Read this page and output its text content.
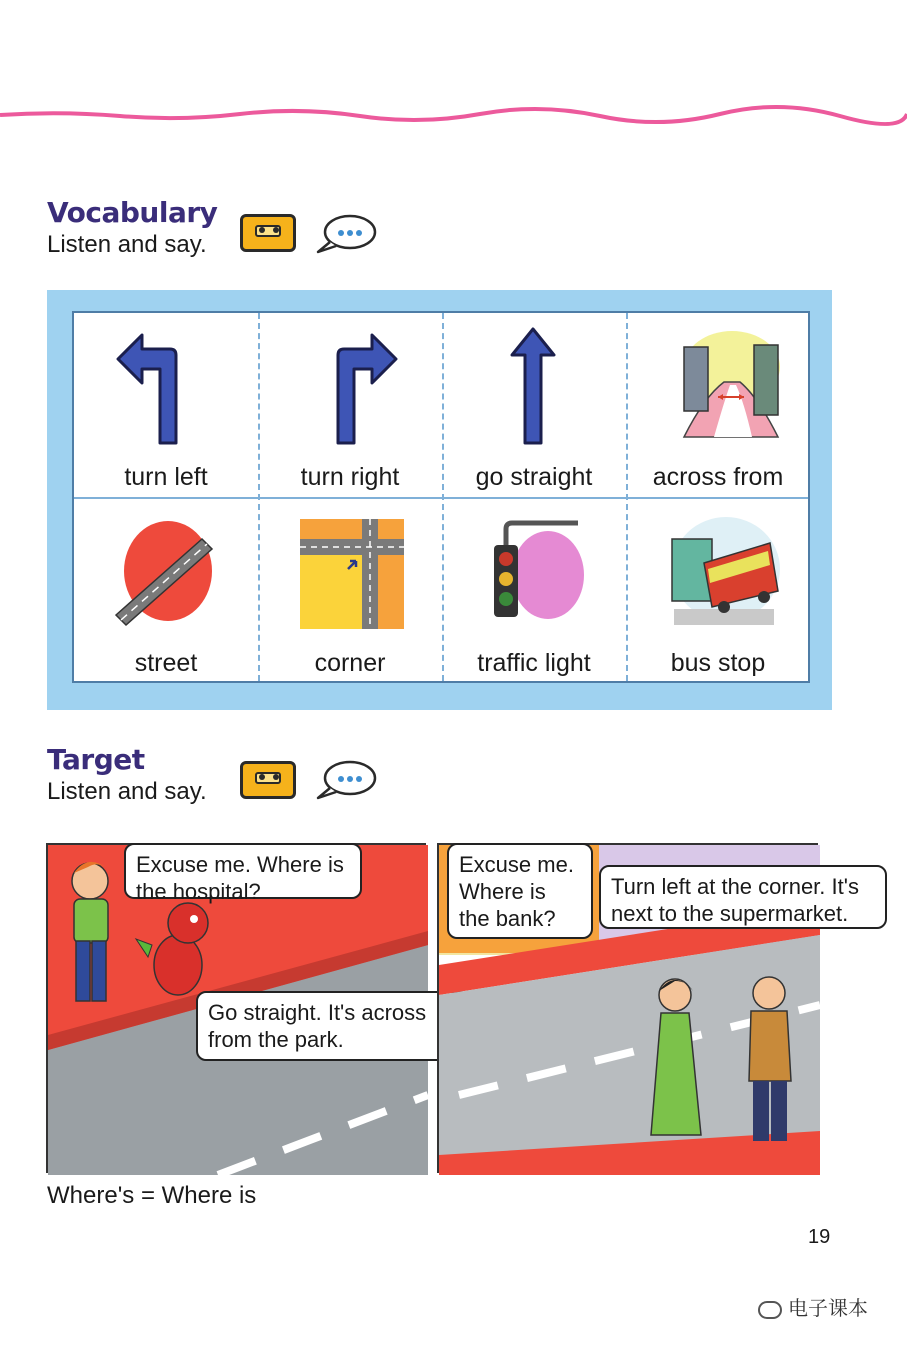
Vocabulary
Listen and say.
turn left	turn right	go straight	across from
street	corner	traffic light	bus stop
Target
Listen and say.
Excuse me. Where is the hospital?
Go straight. It's across from the park.
Excuse me. Where is the bank?
Turn left at the corner. It's next to the supermarket.
Where's = Where is
19
电子课本
